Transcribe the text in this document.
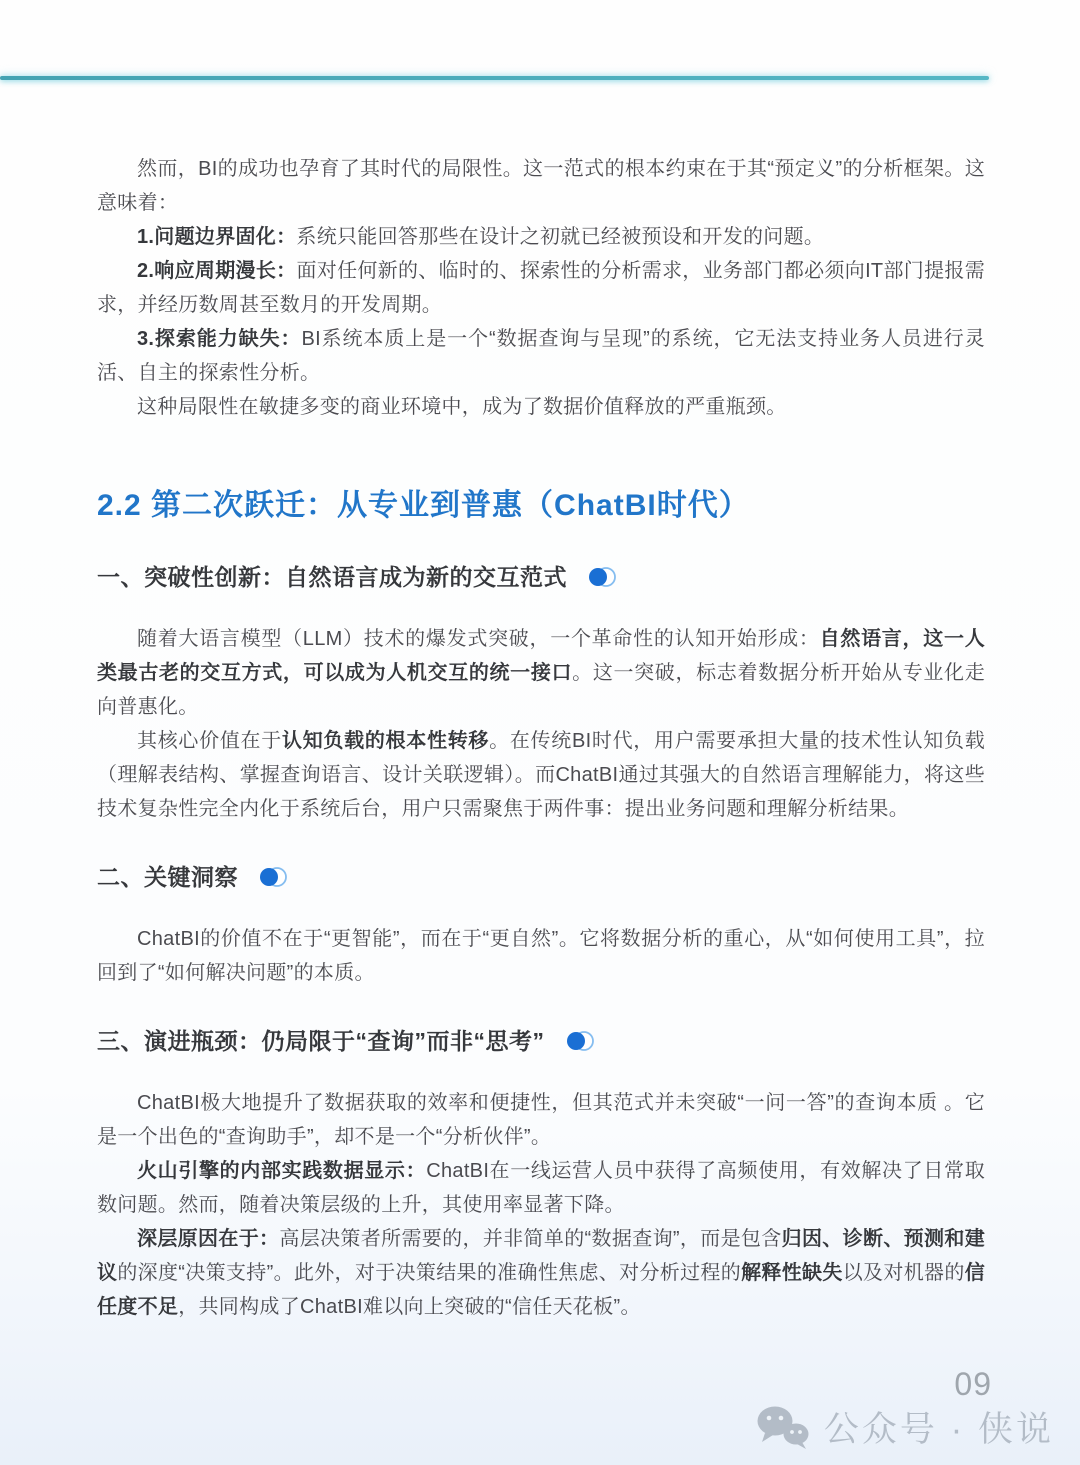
然而，BI的成功也孕育了其时代的局限性。这一范式的根本约束在于其“预定义”的分析框架。这意味着：

1.问题边界固化：系统只能回答那些在设计之初就已经被预设和开发的问题。

2.响应周期漫长：面对任何新的、临时的、探索性的分析需求，业务部门都必须向IT部门提报需求，并经历数周甚至数月的开发周期。

3.探索能力缺失：BI系统本质上是一个“数据查询与呈现”的系统，它无法支持业务人员进行灵活、自主的探索性分析。

这种局限性在敏捷多变的商业环境中，成为了数据价值释放的严重瓶颈。

2.2 第二次跃迁：从专业到普惠（ChatBI时代）
一、突破性创新：自然语言成为新的交互范式

随着大语言模型（LLM）技术的爆发式突破，一个革命性的认知开始形成：自然语言，这一人类最古老的交互方式，可以成为人机交互的统一接口。这一突破，标志着数据分析开始从专业化走向普惠化。

其核心价值在于认知负载的根本性转移。在传统BI时代，用户需要承担大量的技术性认知负载（理解表结构、掌握查询语言、设计关联逻辑）。而ChatBI通过其强大的自然语言理解能力，将这些技术复杂性完全内化于系统后台，用户只需聚焦于两件事：提出业务问题和理解分析结果。

二、关键洞察

ChatBI的价值不在于“更智能”，而在于“更自然”。它将数据分析的重心，从“如何使用工具”，拉回到了“如何解决问题”的本质。

三、演进瓶颈：仍局限于“查询”而非“思考”

ChatBI极大地提升了数据获取的效率和便捷性，但其范式并未突破“一问一答”的查询本质 。它是一个出色的“查询助手”，却不是一个“分析伙伴”。

火山引擎的内部实践数据显示：ChatBI在一线运营人员中获得了高频使用，有效解决了日常取数问题。然而，随着决策层级的上升，其使用率显著下降。

深层原因在于：高层决策者所需要的，并非简单的“数据查询”，而是包含归因、诊断、预测和建议的深度“决策支持”。此外，对于决策结果的准确性焦虑、对分析过程的解释性缺失以及对机器的信任度不足，共同构成了ChatBI难以向上突破的“信任天花板”。

09
公众号 · 侠说
